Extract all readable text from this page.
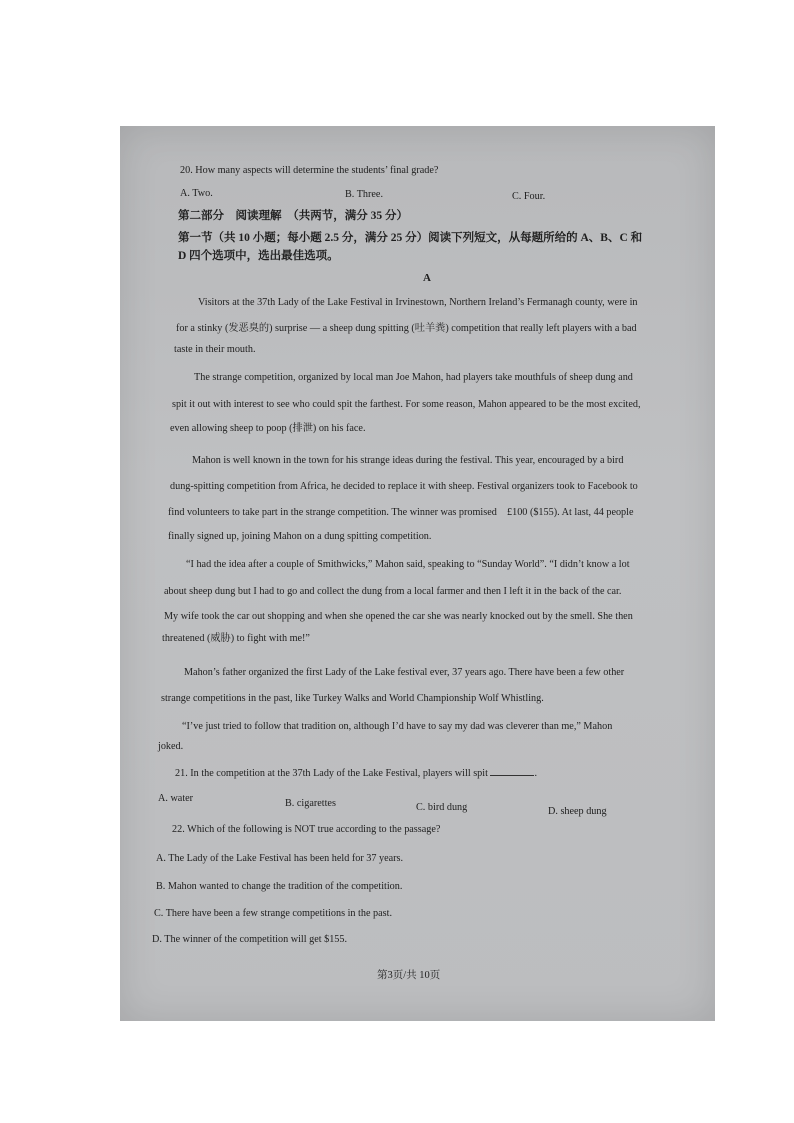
20. How many aspects will determine the students’ final grade?
A. Two.	B. Three.	C. Four.
第二部分　阅读理解　（共两节，满分 35 分）
第一节（共 10 小题；每小题 2.5 分，满分 25 分）阅读下列短文，从每题所给的 A、B、C 和
D 四个选项中，选出最佳选项。
A
Visitors at the 37th Lady of the Lake Festival in Irvinestown, Northern Ireland’s Fermanagh county, were in
for a stinky (发恶臭的) surprise — a sheep dung spitting (吐羊粪) competition that really left players with a bad
taste in their mouth.
The strange competition, organized by local man Joe Mahon, had players take mouthfuls of sheep dung and
spit it out with interest to see who could spit the farthest. For some reason, Mahon appeared to be the most excited,
even allowing sheep to poop (排泄) on his face.
Mahon is well known in the town for his strange ideas during the festival. This year, encouraged by a bird
dung-spitting competition from Africa, he decided to replace it with sheep. Festival organizers took to Facebook to
find volunteers to take part in the strange competition. The winner was promised　£100 ($155). At last, 44 people
finally signed up, joining Mahon on a dung spitting competition.
“I had the idea after a couple of Smithwicks,” Mahon said, speaking to “Sunday World”. “I didn’t know a lot
about sheep dung but I had to go and collect the dung from a local farmer and then I left it in the back of the car.
My wife took the car out shopping and when she opened the car she was nearly knocked out by the smell. She then
threatened (威胁) to fight with me!”
Mahon’s father organized the first Lady of the Lake festival ever, 37 years ago. There have been a few other
strange competitions in the past, like Turkey Walks and World Championship Wolf Whistling.
“I’ve just tried to follow that tradition on, although I’d have to say my dad was cleverer than me,” Mahon
joked.
21. In the competition at the 37th Lady of the Lake Festival, players will spit	.
A. water	B. cigarettes	C. bird dung	D. sheep dung
22. Which of the following is NOT true according to the passage?
A. The Lady of the Lake Festival has been held for 37 years.
B. Mahon wanted to change the tradition of the competition.
C. There have been a few strange competitions in the past.
D. The winner of the competition will get $155.
第3页/共 10页
